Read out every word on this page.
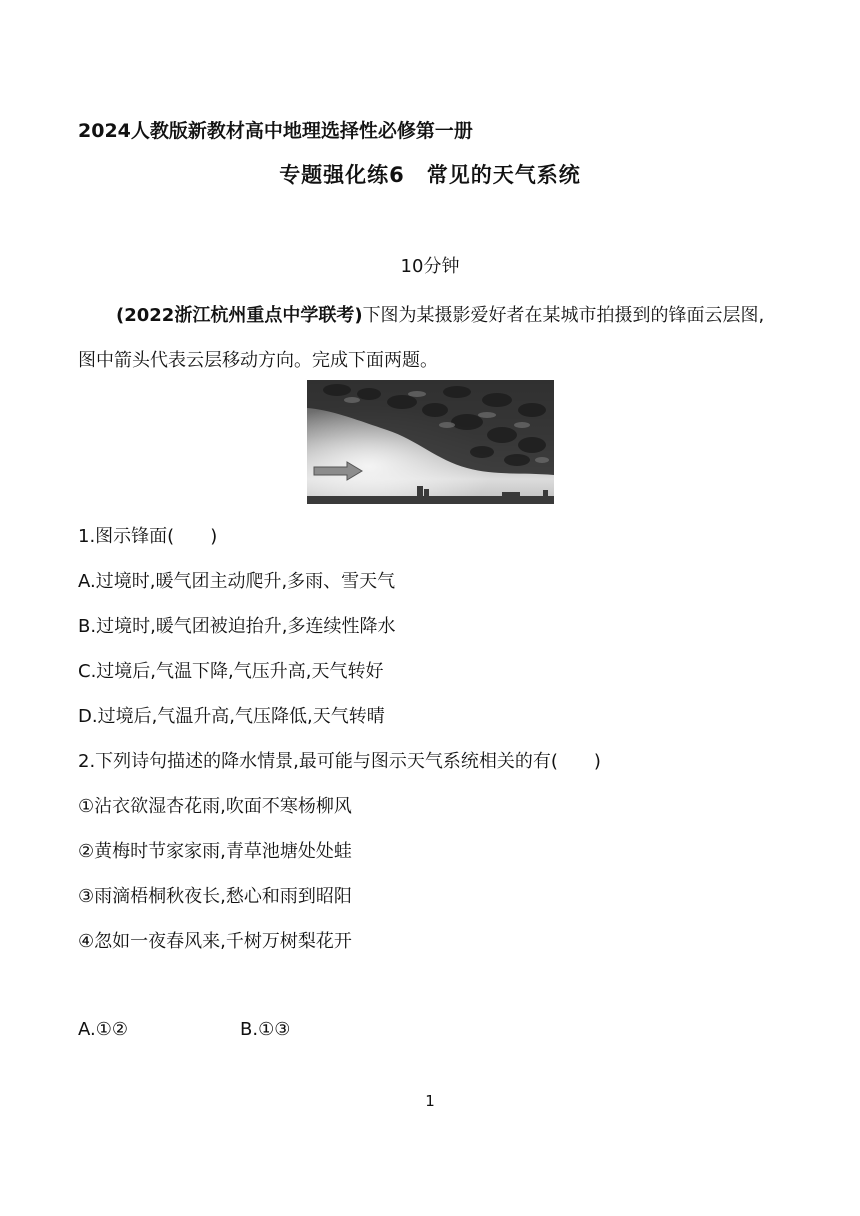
2024人教版新教材高中地理选择性必修第一册
专题强化练6　常见的天气系统
10分钟
(2022浙江杭州重点中学联考)下图为某摄影爱好者在某城市拍摄到的锋面云层图,图中箭头代表云层移动方向。完成下面两题。
1.图示锋面(　　)
A.过境时,暖气团主动爬升,多雨、雪天气
B.过境时,暖气团被迫抬升,多连续性降水
C.过境后,气温下降,气压升高,天气转好
D.过境后,气温升高,气压降低,天气转晴
2.下列诗句描述的降水情景,最可能与图示天气系统相关的有(　　)
①沾衣欲湿杏花雨,吹面不寒杨柳风
②黄梅时节家家雨,青草池塘处处蛙
③雨滴梧桐秋夜长,愁心和雨到昭阳
④忽如一夜春风来,千树万树梨花开
A.①②	B.①③
1
